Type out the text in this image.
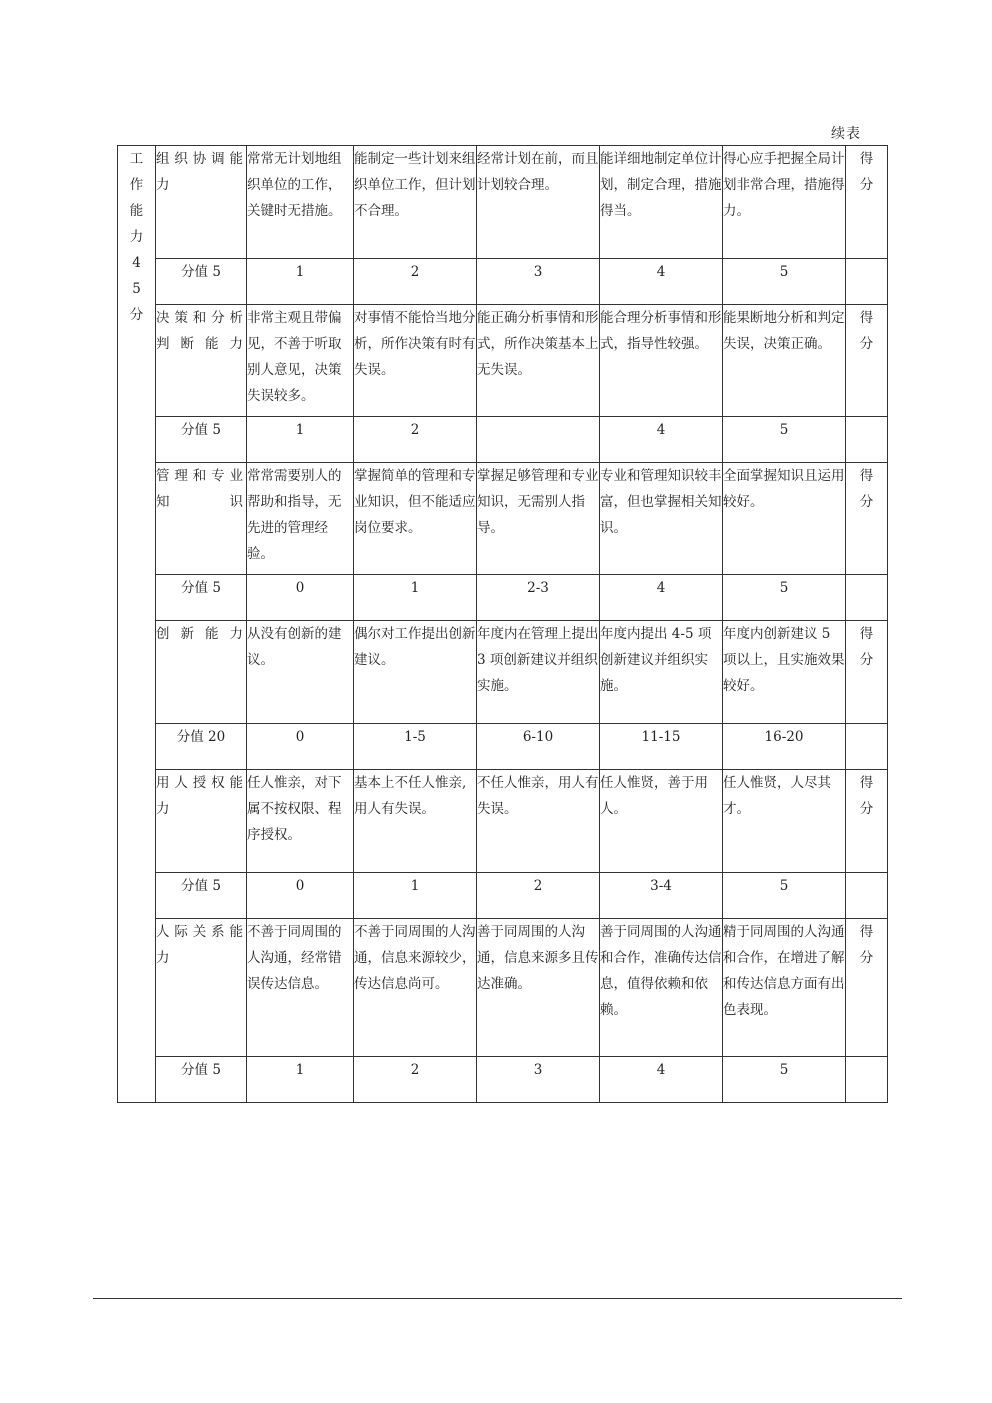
续表
工作能力45分	组织协调能力	常常无计划地组织单位的工作，关键时无措施。	能制定一些计划来组织单位工作，但计划不合理。	经常计划在前，而且计划较合理。	能详细地制定单位计划，制定合理，措施得当。	得心应手把握全局计划非常合理，措施得力。	得分
	分值 5	1	2	3	4	5	
	决策和分析判断能力	非常主观且带偏见，不善于听取别人意见，决策失误较多。	对事情不能恰当地分析，所作决策有时有失误。	能正确分析事情和形式，所作决策基本上无失误。	能合理分析事情和形式，指导性较强。	能果断地分析和判定失误，决策正确。	得分
	分值 5	1	2		4	5	
	管理和专业知识	常常需要别人的帮助和指导，无先进的管理经验。	掌握简单的管理和专业知识，但不能适应岗位要求。	掌握足够管理和专业知识，无需别人指导。	专业和管理知识较丰富，但也掌握相关知识。	全面掌握知识且运用较好。	得分
	分值 5	0	1	2-3	4	5	
	创新能力	从没有创新的建议。	偶尔对工作提出创新建议。	年度内在管理上提出 3 项创新建议并组织实施。	年度内提出 4-5 项创新建议并组织实施。	年度内创新建议 5 项以上，且实施效果较好。	得分
	分值 20	0	1-5	6-10	11-15	16-20	
	用人授权能力	任人惟亲，对下属不按权限、程序授权。	基本上不任人惟亲,用人有失误。	不任人惟亲，用人有失误。	任人惟贤，善于用人。	任人惟贤，人尽其才。	得分
	分值 5	0	1	2	3-4	5	
	人际关系能力	不善于同周围的人沟通，经常错误传达信息。	不善于同周围的人沟通，信息来源较少，传达信息尚可。	善于同周围的人沟通，信息来源多且传达准确。	善于同周围的人沟通和合作，准确传达信息，值得依赖和依赖。	精于同周围的人沟通和合作，在增进了解和传达信息方面有出色表现。	得分
	分值 5	1	2	3	4	5	
